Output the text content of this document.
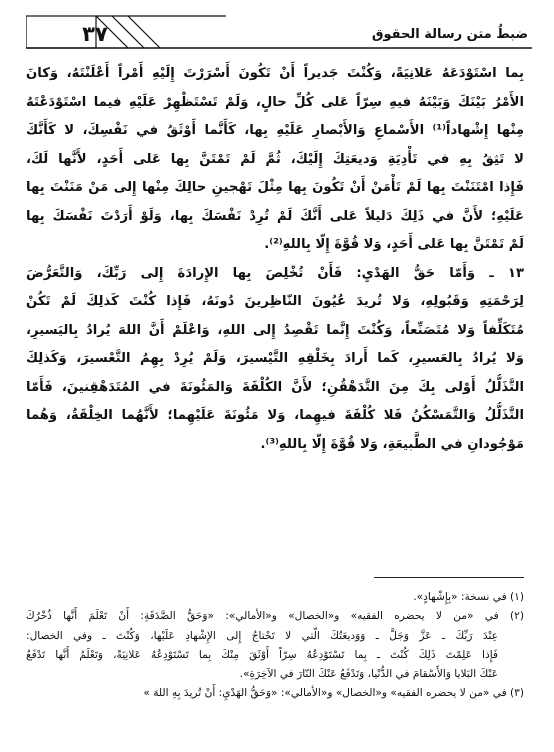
٣٧	ضبطُ متن رسالة الحقوق
بِما اسْتَوْدَعَهُ عَلانِيَةً، وَكُنْتَ جَديراً أَنْ تَكُونَ أَسْرَرْتَ إِلَيْهِ أَمْراً أَعْلَنْتَهُ، وَكانَ
الأَمْرُ بَيْنَكَ وَبَيْنَهُ فيهِ سِرّاً عَلى كُلِّ حالٍ، وَلَمْ تَسْتَظْهِرْ عَلَيْهِ فيما اسْتَوْدَعْتَهُ
مِنْها إِشْهاداً⁽¹⁾ الأَسْماعِ وَالأَبْصارِ عَلَيْهِ بِها، كَأَنَّما أَوْثَقُ في نَفْسِكَ، لا كَأَنَّكَ
لا تَثِقُ بِهِ في تَأْدِيَةِ وَديعَتِكَ إِلَيْكَ، ثُمَّ لَمْ تَمْتَنَّ بِها عَلى أَحَدٍ، لأَنَّها لَكَ،
فَإِذا امْتَنَنْتَ بِها لَمْ تَأْمَنْ أَنْ تَكُونَ بِها مِثْلَ تَهْجينِ حالِكَ مِنْها إِلى مَنْ مَنَنْتَ بِها
عَلَيْهِ؛ لأَنَّ في ذَلِكَ دَليلاً عَلى أَنَّكَ لَمْ تُرِدْ نَفْسَكَ بِها، وَلَوْ أَرَدْتَ نَفْسَكَ بِها
لَمْ تَمْتَنَّ بِها عَلى أَحَدٍ، وَلا قُوَّةَ إِلّا بِاللهِ⁽²⁾.
١٣ ـ وَأَمّا حَقُّ الهَدْيِ: فَأَنْ تُخْلِصَ بِها الإِرادَةَ إِلى رَبِّكَ، وَالتَّعَرُّضَ
لِرَحْمَتِهِ وَقَبُولِهِ، وَلا تُريدَ عُيُونَ النّاظِرينَ دُونَهُ، فَإِذا كُنْتَ كَذلِكَ لَمْ تَكُنْ
مُتَكَلِّفاً وَلا مُتَصَنِّعاً، وَكُنْتَ إِنَّما تَقْصِدُ إِلى اللهِ، وَاعْلَمْ أَنَّ اللهَ يُرادُ بِاليَسيرِ،
وَلا يُرادُ بِالعَسيرِ، كَما أَرادَ بِخَلْقِهِ التَّيْسيرَ، وَلَمْ يُرِدْ بِهِمُ التَّعْسيرَ، وَكَذلِكَ
التَّذَلُّلُ أَوْلى بِكَ مِنَ التَّدَهْقُنِ؛ لأَنَّ الكُلْفَةَ وَالمَئُونَةَ في المُتَدَهْقِنينَ، فَأَمّا
التَّذَلُّلُ وَالتَّمَسْكُنُ فَلا كُلْفَةَ فيهِما، وَلا مَئُونَةَ عَلَيْهِما؛ لأَنَّهُما الخِلْقَةُ، وَهُما
مَوْجُودانِ في الطَّبيعَةِ، وَلا قُوَّةَ إِلّا بِاللهِ⁽³⁾.
(١) في نسخة: «بِإِشْهادٍ».
(٢) في «من لا يحضره الفقيه» و«الخصال» و«الأمالي»: «وَحَقُّ الصَّدَقَةِ: أَنْ تَعْلَمَ أَنَّها ذُخْرُكَ
عِنْدَ رَبِّكَ ـ عَزَّ وَجَلَّ ـ وَوَديعَتُكَ الَّتي لا تَحْتاجُ إِلى الإِشْهادِ عَلَيْها، وَكُنْتَ ـ وفي الخصال:
فَإِذا عَلِمْتَ ذَلِكَ كُنْتَ ـ بِما تَسْتَوْدِعُهُ سِرّاً أَوْثَقَ مِنْكَ بِما تَسْتَوْدِعُهُ عَلانِيَةً، وَتَعْلَمُ أَنَّها تَدْفَعُ
عَنْكَ البَلايا وَالأَسْقامَ في الدُّنْيا، وَتَدْفَعُ عَنْكَ النّارَ في الآخِرَةِ».
(٣) في «من لا يحضره الفقيه» و«الخصال» و«الأمالي»: «وَحَقُّ الهَدْيِ: أَنْ تُريدَ بِهِ اللهَ »
